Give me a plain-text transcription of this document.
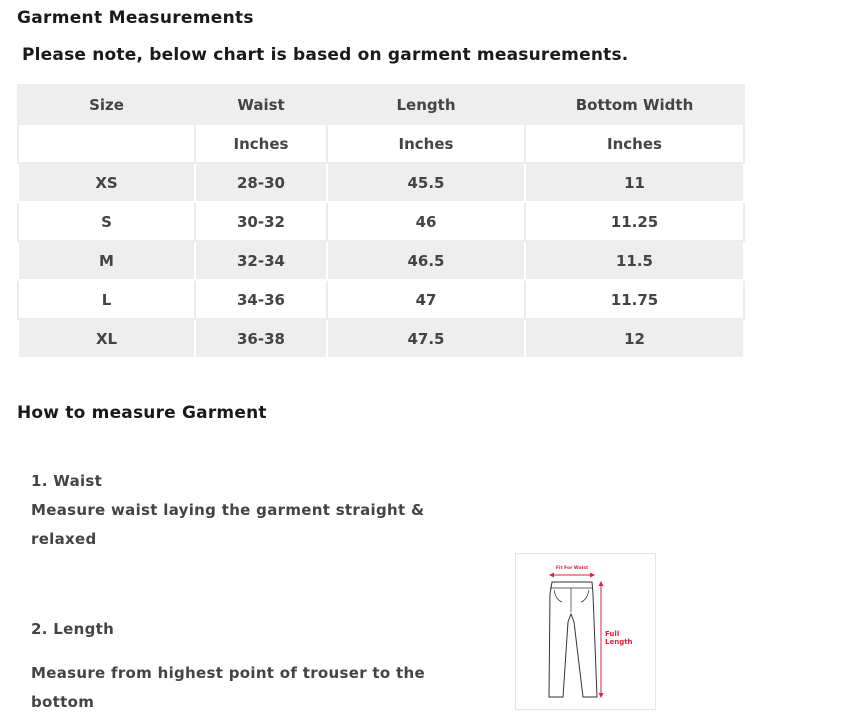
Garment Measurements

Please note, below chart is based on garment measurements.

Size	Waist	Length	Bottom Width
	Inches	Inches	Inches
XS	28-30	45.5	11
S	30-32	46	11.25
M	32-34	46.5	11.5
L	34-36	47	11.75
XL	36-38	47.5	12
How to measure Garment

1. Waist

Measure waist laying the garment straight & relaxed

2. Length

Measure from highest point of trouser to the bottom

Fit For Waist
Full
Length
